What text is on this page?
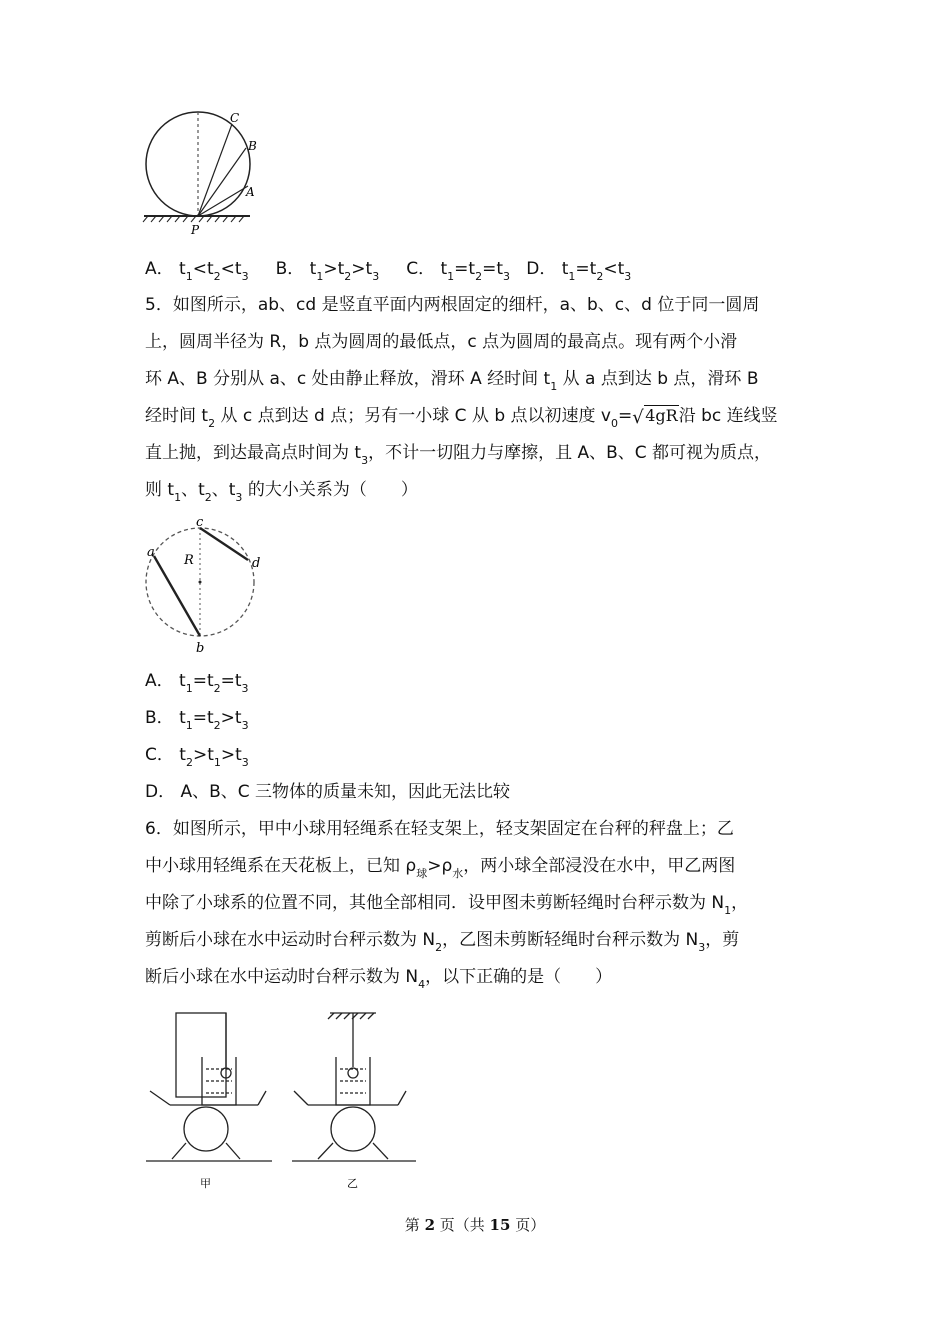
C
B
A
P
A． $t_1<t_2<t_3$ B． $t_1>t_2>t_3$ C． $t_1=t_2=t_3$ D． $t_1=t_2<t_3$
5．如图所示，ab、cd 是竖直平面内两根固定的细杆，a、b、c、d 位于同一圆周
上，圆周半径为 R，b 点为圆周的最低点，c 点为圆周的最高点。现有两个小滑
环 A、B 分别从 a、c 处由静止释放，滑环 A 经时间 $t_1$ 从 a 点到达 b 点，滑环 B
经时间 $t_2$ 从 c 点到达 d 点；另有一小球 C 从 b 点以初速度 $v_0=$ √ 4gR沿 bc 连线竖
直上抛，到达最高点时间为 $t_3$，不计一切阻力与摩擦，且 A、B、C 都可视为质点，
则 $t_1$、$t_2$、$t_3$ 的大小关系为（　　）
a
b
c
d
R
A． $t_1=t_2=t_3$
B． $t_1=t_2>t_3$
C． $t_2>t_1>t_3$
D． A、B、C 三物体的质量未知，因此无法比较
6．如图所示，甲中小球用轻绳系在轻支架上，轻支架固定在台秤的秤盘上；乙
中小球用轻绳系在天花板上，已知 $\rho_球>\rho_水$，两小球全部浸没在水中，甲乙两图
中除了小球系的位置不同，其他全部相同．设甲图未剪断轻绳时台秤示数为 $N_1$，
剪断后小球在水中运动时台秤示数为 $N_2$，乙图未剪断轻绳时台秤示数为 $N_3$，剪
断后小球在水中运动时台秤示数为 $N_4$，以下正确的是（　　）
甲	乙
第 2 页（共 15 页）
